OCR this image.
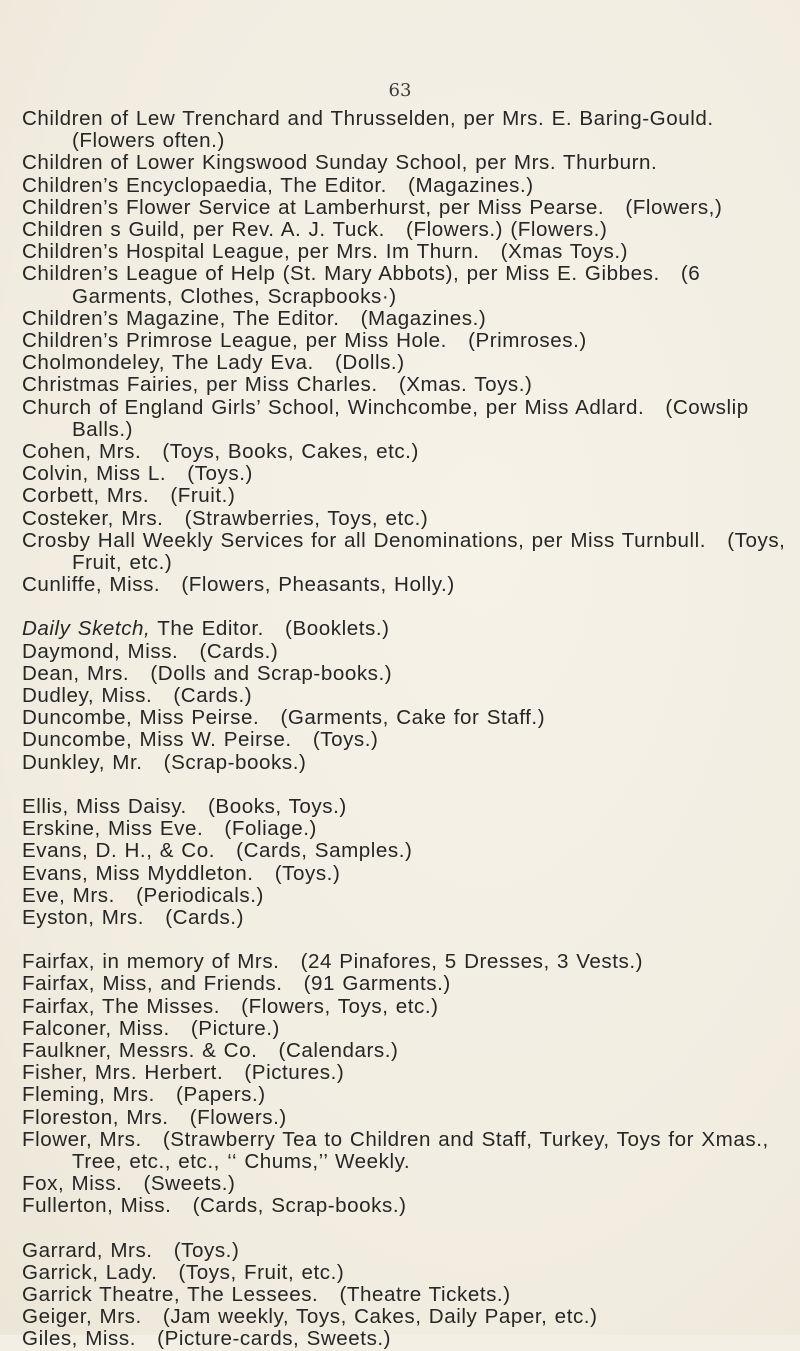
63

Children of Lew Trenchard and Thrusselden, per Mrs. E. Baring-Gould. (Flowers often.)

Children of Lower Kingswood Sunday School, per Mrs. Thurburn.

Children’s Encyclopaedia, The Editor.  (Magazines.)

Children’s Flower Service at Lamberhurst, per Miss Pearse.  (Flowers,)

Children s Guild, per Rev. A. J. Tuck.  (Flowers.) (Flowers.)

Children’s Hospital League, per Mrs. Im Thurn.  (Xmas Toys.)

Children’s League of Help (St. Mary Abbots), per Miss E. Gibbes.  (6 Garments, Clothes, Scrapbooks·)

Children’s Magazine, The Editor.  (Magazines.)

Children’s Primrose League, per Miss Hole.  (Primroses.)

Cholmondeley, The Lady Eva.  (Dolls.)

Christmas Fairies, per Miss Charles.  (Xmas. Toys.)

Church of England Girls’ School, Winchcombe, per Miss Adlard.  (Cowslip Balls.)

Cohen, Mrs.  (Toys, Books, Cakes, etc.)

Colvin, Miss L.  (Toys.)

Corbett, Mrs.  (Fruit.)

Costeker, Mrs.  (Strawberries, Toys, etc.)

Crosby Hall Weekly Services for all Denominations, per Miss Turnbull.  (Toys, Fruit, etc.)

Cunliffe, Miss.  (Flowers, Pheasants, Holly.)

Daily Sketch, The Editor.  (Booklets.)

Daymond, Miss.  (Cards.)

Dean, Mrs.  (Dolls and Scrap-books.)

Dudley, Miss.  (Cards.)

Duncombe, Miss Peirse.  (Garments, Cake for Staff.)

Duncombe, Miss W. Peirse.  (Toys.)

Dunkley, Mr.  (Scrap-books.)

Ellis, Miss Daisy.  (Books, Toys.)

Erskine, Miss Eve.  (Foliage.)

Evans, D. H., & Co.  (Cards, Samples.)

Evans, Miss Myddleton.  (Toys.)

Eve, Mrs.  (Periodicals.)

Eyston, Mrs.  (Cards.)

Fairfax, in memory of Mrs.  (24 Pinafores, 5 Dresses, 3 Vests.)

Fairfax, Miss, and Friends.  (91 Garments.)

Fairfax, The Misses.  (Flowers, Toys, etc.)

Falconer, Miss.  (Picture.)

Faulkner, Messrs. & Co.  (Calendars.)

Fisher, Mrs. Herbert.  (Pictures.)

Fleming, Mrs.  (Papers.)

Floreston, Mrs.  (Flowers.)

Flower, Mrs.  (Strawberry Tea to Children and Staff, Turkey, Toys for Xmas., Tree, etc., etc., ‘‘ Chums,’’ Weekly.

Fox, Miss.  (Sweets.)

Fullerton, Miss.  (Cards, Scrap-books.)

Garrard, Mrs.  (Toys.)

Garrick, Lady.  (Toys, Fruit, etc.)

Garrick Theatre, The Lessees.  (Theatre Tickets.)

Geiger, Mrs.  (Jam weekly, Toys, Cakes, Daily Paper, etc.)

Giles, Miss.  (Picture-cards, Sweets.)
